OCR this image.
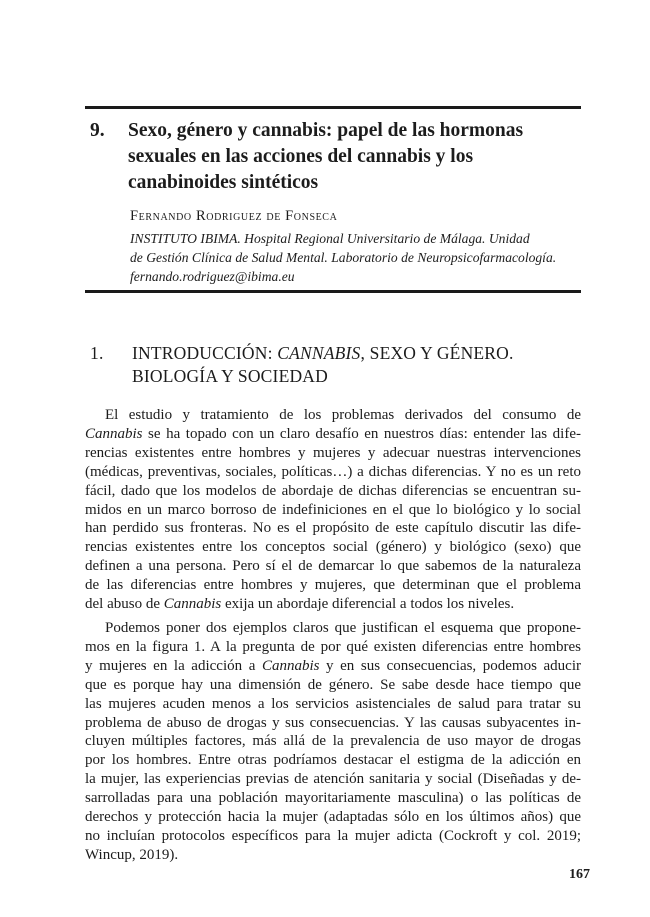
9.	Sexo, género y cannabis: papel de las hormonas
sexuales en las acciones del cannabis y los
canabinoides sintéticos
Fernando Rodriguez de Fonseca
INSTITUTO IBIMA. Hospital Regional Universitario de Málaga. Unidad
de Gestión Clínica de Salud Mental. Laboratorio de Neuropsicofarmacología.
fernando.rodriguez@ibima.eu
1.	INTRODUCCIÓN: CANNABIS, SEXO Y GÉNERO.
BIOLOGÍA Y SOCIEDAD
El estudio y tratamiento de los problemas derivados del consumo de
Cannabis se ha topado con un claro desafío en nuestros días: entender las dife-
rencias existentes entre hombres y mujeres y adecuar nuestras intervenciones
(médicas, preventivas, sociales, políticas…) a dichas diferencias. Y no es un reto
fácil, dado que los modelos de abordaje de dichas diferencias se encuentran su-
midos en un marco borroso de indefiniciones en el que lo biológico y lo social
han perdido sus fronteras. No es el propósito de este capítulo discutir las dife-
rencias existentes entre los conceptos social (género) y biológico (sexo) que
definen a una persona. Pero sí el de demarcar lo que sabemos de la naturaleza
de las diferencias entre hombres y mujeres, que determinan que el problema
del abuso de Cannabis exija un abordaje diferencial a todos los niveles.
Podemos poner dos ejemplos claros que justifican el esquema que propone-
mos en la figura 1. A la pregunta de por qué existen diferencias entre hombres
y mujeres en la adicción a Cannabis y en sus consecuencias, podemos aducir
que es porque hay una dimensión de género. Se sabe desde hace tiempo que
las mujeres acuden menos a los servicios asistenciales de salud para tratar su
problema de abuso de drogas y sus consecuencias. Y las causas subyacentes in-
cluyen múltiples factores, más allá de la prevalencia de uso mayor de drogas
por los hombres. Entre otras podríamos destacar el estigma de la adicción en
la mujer, las experiencias previas de atención sanitaria y social (Diseñadas y de-
sarrolladas para una población mayoritariamente masculina) o las políticas de
derechos y protección hacia la mujer (adaptadas sólo en los últimos años) que
no incluían protocolos específicos para la mujer adicta (Cockroft y col. 2019;
Wincup, 2019).
167
